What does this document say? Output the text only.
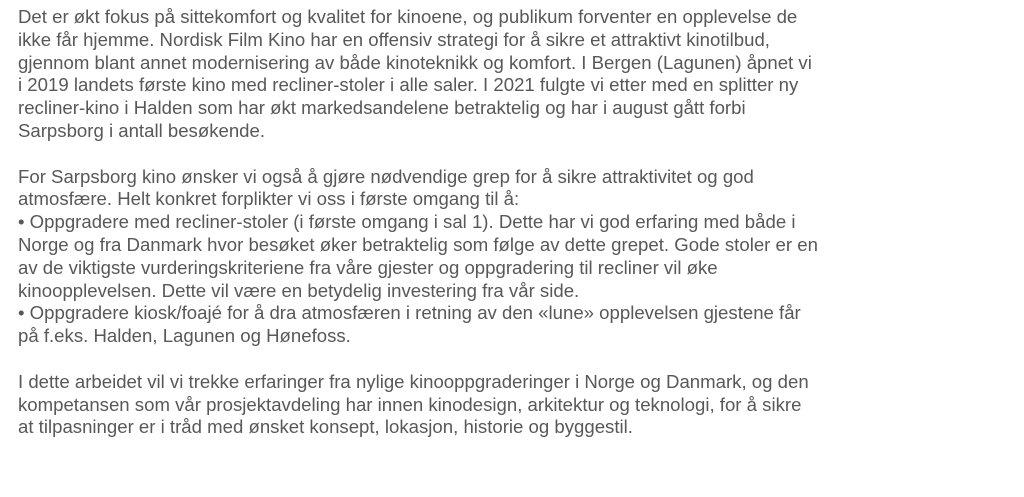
Det er økt fokus på sittekomfort og kvalitet for kinoene, og publikum forventer en opplevelse de
ikke får hjemme. Nordisk Film Kino har en offensiv strategi for å sikre et attraktivt kinotilbud,
gjennom blant annet modernisering av både kinoteknikk og komfort. I Bergen (Lagunen) åpnet vi
i 2019 landets første kino med recliner-stoler i alle saler. I 2021 fulgte vi etter med en splitter ny
recliner-kino i Halden som har økt markedsandelene betraktelig og har i august gått forbi
Sarpsborg i antall besøkende.
For Sarpsborg kino ønsker vi også å gjøre nødvendige grep for å sikre attraktivitet og god
atmosfære. Helt konkret forplikter vi oss i første omgang til å:
• Oppgradere med recliner-stoler (i første omgang i sal 1). Dette har vi god erfaring med både i
Norge og fra Danmark hvor besøket øker betraktelig som følge av dette grepet. Gode stoler er en
av de viktigste vurderingskriteriene fra våre gjester og oppgradering til recliner vil øke
kinoopplevelsen. Dette vil være en betydelig investering fra vår side.
• Oppgradere kiosk/foajé for å dra atmosfæren i retning av den «lune» opplevelsen gjestene får
på f.eks. Halden, Lagunen og Hønefoss.
I dette arbeidet vil vi trekke erfaringer fra nylige kinooppgraderinger i Norge og Danmark, og den
kompetansen som vår prosjektavdeling har innen kinodesign, arkitektur og teknologi, for å sikre
at tilpasninger er i tråd med ønsket konsept, lokasjon, historie og byggestil.
